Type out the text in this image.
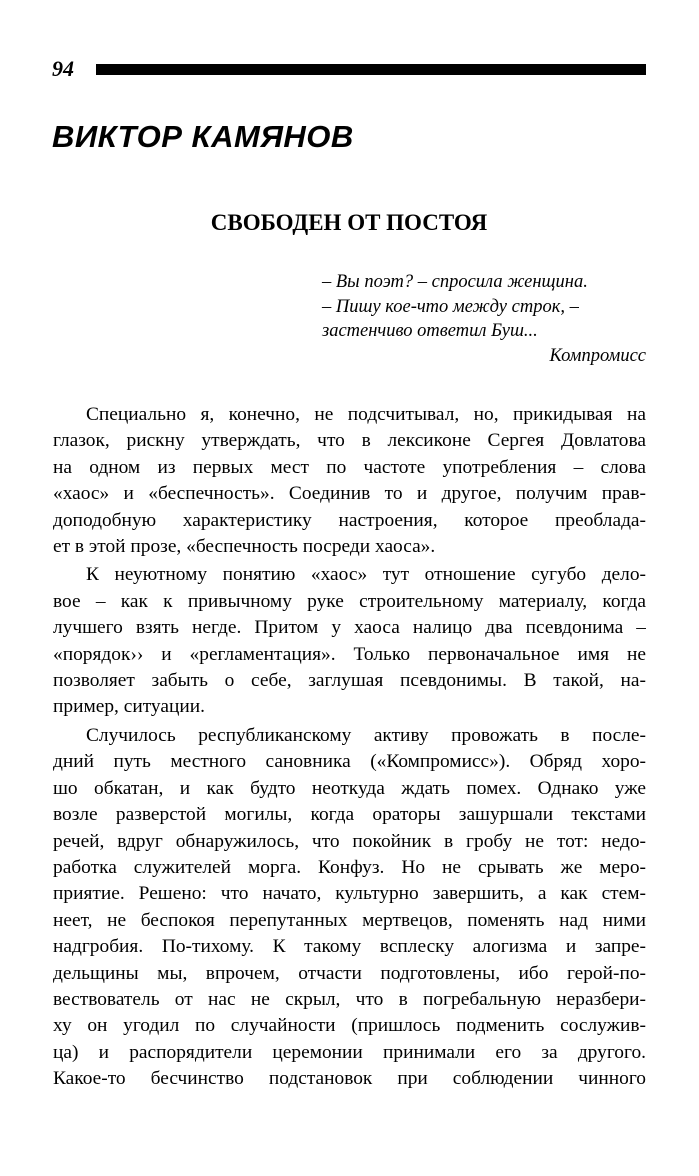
94
ВИКТОР КАМЯНОВ
СВОБОДЕН ОТ ПОСТОЯ
– Вы поэт? – спросила женщина.
– Пишу кое-что между строк, –
застенчиво ответил Буш...
Компромисс
Специально я, конечно, не подсчитывал, но, прикидывая на
глазок, рискну утверждать, что в лексиконе Сергея Довлатова
на одном из первых мест по частоте употребления – слова
«хаос» и «беспечность». Соединив то и другое, получим прав-
доподобную характеристику настроения, которое преоблада-
ет в этой прозе, «беспечность посреди хаоса».
К неуютному понятию «хаос» тут отношение сугубо дело-
вое – как к привычному руке строительному материалу, когда
лучшего взять негде. Притом у хаоса налицо два псевдонима –
«порядок›› и «регламентация». Только первоначальное имя не
позволяет забыть о себе, заглушая псевдонимы. В такой, на-
пример, ситуации.
Случилось республиканскому активу провожать в после-
дний путь местного сановника («Компромисс»). Обряд хоро-
шо обкатан, и как будто неоткуда ждать помех. Однако уже
возле разверстой могилы, когда ораторы зашуршали текстами
речей, вдруг обнаружилось, что покойник в гробу не тот: недо-
работка служителей морга. Конфуз. Но не срывать же меро-
приятие. Решено: что начато, культурно завершить, а как стем-
неет, не беспокоя перепутанных мертвецов, поменять над ними
надгробия. По-тихому. К такому всплеску алогизма и запре-
дельщины мы, впрочем, отчасти подготовлены, ибо герой-по-
вествователь от нас не скрыл, что в погребальную неразбери-
ху он угодил по случайности (пришлось подменить сослужив-
ца) и распорядители церемонии принимали его за другого.
Какое-то бесчинство подстановок при соблюдении чинного
